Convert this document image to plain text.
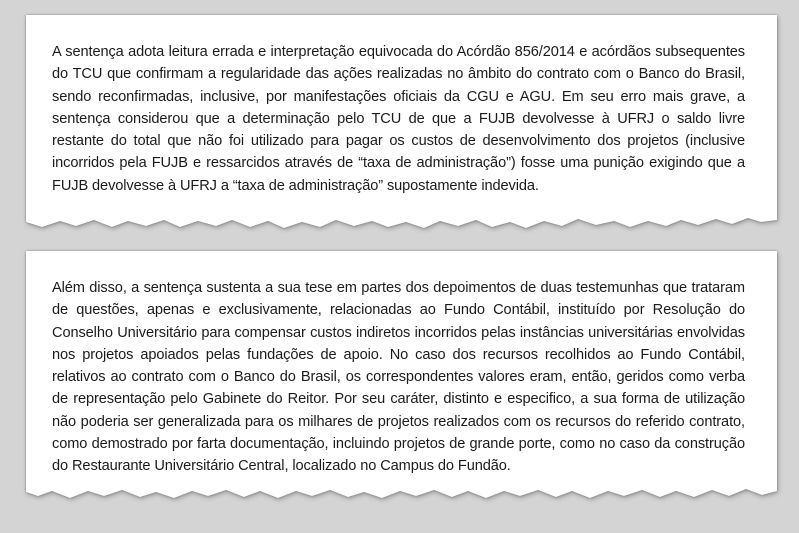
A sentença adota leitura errada e interpretação equivocada do Acórdão 856/2014 e acórdãos subsequentes do TCU que confirmam a regularidade das ações realizadas no âmbito do contrato com o Banco do Brasil, sendo reconfirmadas, inclusive, por manifestações oficiais da CGU e AGU. Em seu erro mais grave, a sentença considerou que a determinação pelo TCU de que a FUJB devolvesse à UFRJ o saldo livre restante do total que não foi utilizado para pagar os custos de desenvolvimento dos projetos (inclusive incorridos pela FUJB e ressarcidos através de “taxa de administração”) fosse uma punição exigindo que a FUJB devolvesse à UFRJ a “taxa de administração” supostamente indevida.
Além disso, a sentença sustenta a sua tese em partes dos depoimentos de duas testemunhas que trataram de questões, apenas e exclusivamente, relacionadas ao Fundo Contábil, instituído por Resolução do Conselho Universitário para compensar custos indiretos incorridos pelas instâncias universitárias envolvidas nos projetos apoiados pelas fundações de apoio. No caso dos recursos recolhidos ao Fundo Contábil, relativos ao contrato com o Banco do Brasil, os correspondentes valores eram, então, geridos como verba de representação pelo Gabinete do Reitor. Por seu caráter, distinto e especifico, a sua forma de utilização não poderia ser generalizada para os milhares de projetos realizados com os recursos do referido contrato, como demostrado por farta documentação, incluindo projetos de grande porte, como no caso da construção do Restaurante Universitário Central, localizado no Campus do Fundão.
